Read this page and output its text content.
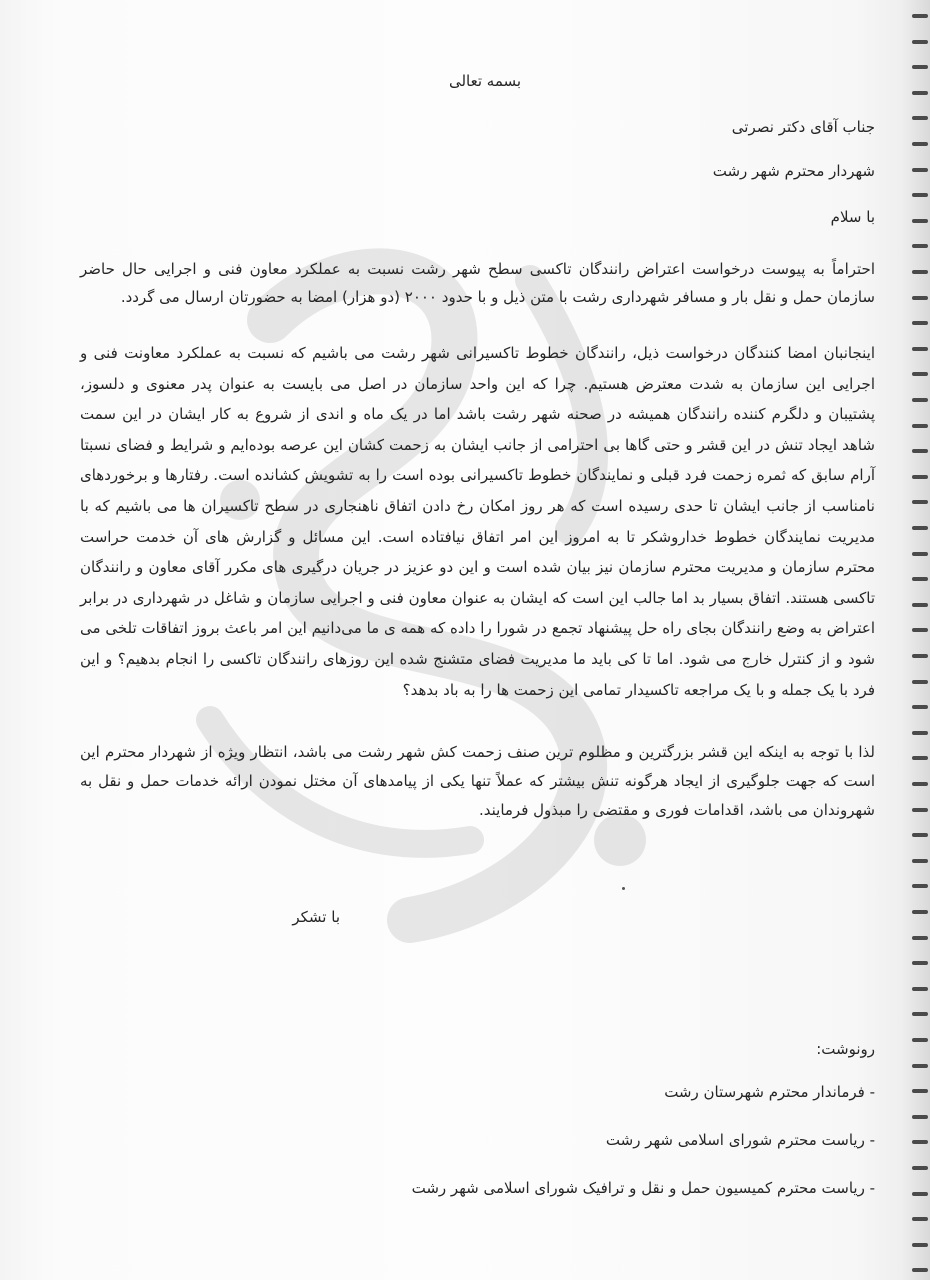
بسمه تعالی
جناب آقای دکتر نصرتی
شهردار محترم شهر رشت
با سلام
احتراماً به پیوست درخواست اعتراض رانندگان تاکسی سطح شهر رشت نسبت به عملکرد معاون فنی و اجرایی حال حاضر سازمان حمل و نقل بار و مسافر شهرداری رشت با متن ذیل و با حدود ۲۰۰۰ (دو هزار) امضا به حضورتان ارسال می گردد.
اینجانبان امضا کنندگان درخواست ذیل، رانندگان خطوط تاکسیرانی شهر رشت می باشیم که نسبت به عملکرد معاونت فنی و اجرایی این سازمان به شدت معترض هستیم. چرا که این واحد سازمان در اصل می بایست به عنوان پدر معنوی و دلسوز، پشتیبان و دلگرم کننده رانندگان همیشه در صحنه شهر رشت باشد اما در یک ماه و اندی از شروع به کار ایشان در این سمت شاهد ایجاد تنش در این قشر و حتی گاها بی احترامی از جانب ایشان به زحمت کشان این عرصه بوده‌ایم و شرایط و فضای نسبتا آرام سابق که ثمره زحمت فرد قبلی و نمایندگان خطوط تاکسیرانی بوده است را به تشویش کشانده است. رفتارها و برخوردهای نامناسب از جانب ایشان تا حدی رسیده است که هر روز امکان رخ دادن اتفاق ناهنجاری در سطح تاکسیران ها می باشیم که با مدیریت نمایندگان خطوط خداروشکر تا به امروز این امر اتفاق نیافتاده است. این مسائل و گزارش های آن خدمت حراست محترم سازمان و مدیریت محترم سازمان نیز بیان شده است و این دو عزیز در جریان درگیری های مکرر آقای معاون و رانندگان تاکسی هستند. اتفاق بسیار بد اما جالب این است که ایشان به عنوان معاون فنی و اجرایی سازمان و شاغل در شهرداری در برابر اعتراض به وضع رانندگان بجای راه حل پیشنهاد تجمع در شورا را داده که همه ی ما می‌دانیم این امر باعث بروز اتفاقات تلخی می شود و از کنترل خارج می شود. اما تا کی باید ما مدیریت فضای متشنج شده این روزهای رانندگان تاکسی را انجام بدهیم؟ و این فرد با یک جمله و با یک مراجعه تاکسیدار تمامی این زحمت ها را به باد بدهد؟
لذا با توجه به اینکه این قشر بزرگترین و مظلوم ترین صنف زحمت کش شهر رشت می باشد، انتظار ویژه از شهردار محترم این است که جهت جلوگیری از ایجاد هرگونه تنش بیشتر که عملاً تنها یکی از پیامدهای آن مختل نمودن ارائه خدمات حمل و نقل به شهروندان می باشد، اقدامات فوری و مقتضی را مبذول فرمایند.
با تشکر
رونوشت:
- فرماندار محترم شهرستان رشت
- ریاست محترم شورای اسلامی شهر رشت
- ریاست محترم کمیسیون حمل و نقل و ترافیک شورای اسلامی شهر رشت
